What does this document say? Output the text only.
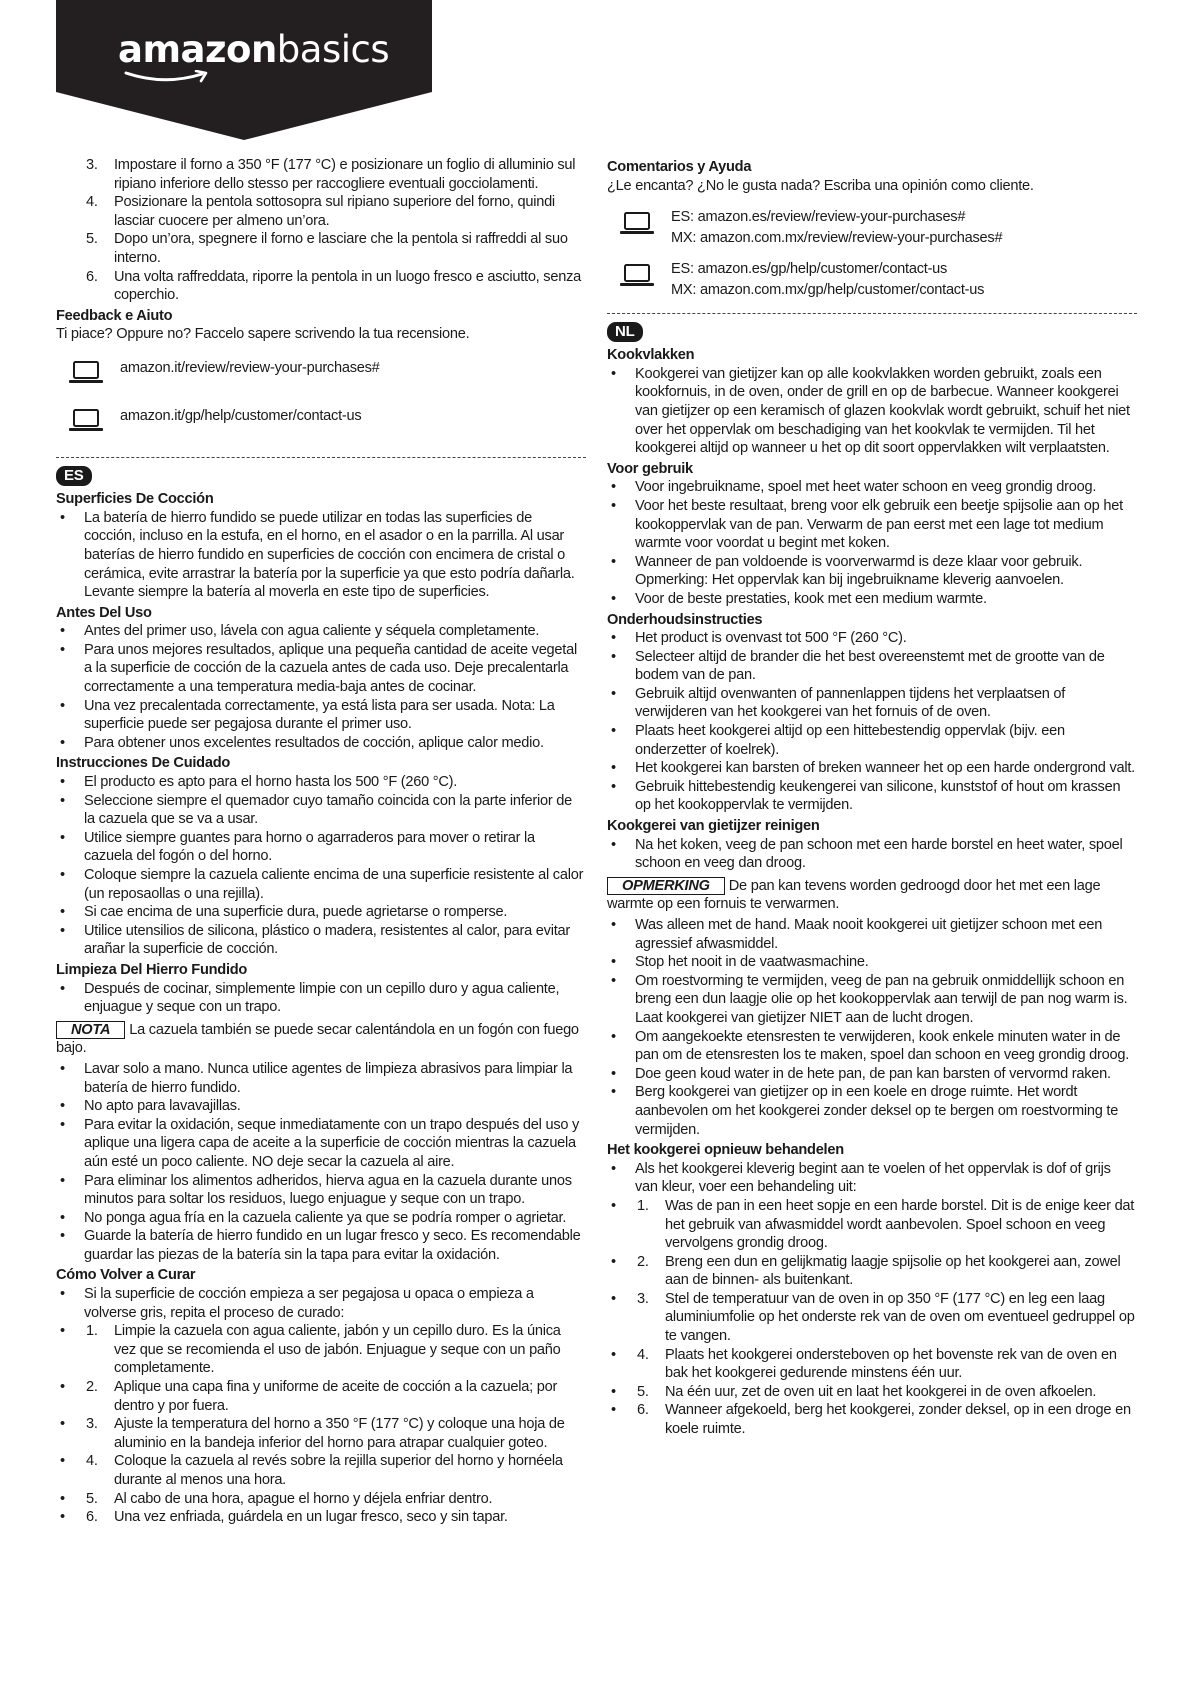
amazonbasics
3. Impostare il forno a 350 °F (177 °C) e posizionare un foglio di alluminio sul ripiano inferiore dello stesso per raccogliere eventuali gocciolamenti.
4. Posizionare la pentola sottosopra sul ripiano superiore del forno, quindi lasciar cuocere per almeno un’ora.
5. Dopo un’ora, spegnere il forno e lasciare che la pentola si raffreddi al suo interno.
6. Una volta raffreddata, riporre la pentola in un luogo fresco e asciutto, senza coperchio.
Feedback e Aiuto

Ti piace? Oppure no? Faccelo sapere scrivendo la tua recensione.

amazon.it/review/review-your-purchases#
amazon.it/gp/help/customer/contact-us
ES
Superficies De Cocción
• La batería de hierro fundido se puede utilizar en todas las superficies de cocción, incluso en la estufa, en el horno, en el asador o en la parrilla. Al usar baterías de hierro fundido en superficies de cocción con encimera de cristal o cerámica, evite arrastrar la batería por la superficie ya que esto podría dañarla. Levante siempre la batería al moverla en este tipo de superficies.
Antes Del Uso
• Antes del primer uso, lávela con agua caliente y séquela completamente.
• Para unos mejores resultados, aplique una pequeña cantidad de aceite vegetal a la superficie de cocción de la cazuela antes de cada uso. Deje precalentarla correctamente a una temperatura media-baja antes de cocinar.
• Una vez precalentada correctamente, ya está lista para ser usada. Nota: La superficie puede ser pegajosa durante el primer uso.
• Para obtener unos excelentes resultados de cocción, aplique calor medio.
Instrucciones De Cuidado
• El producto es apto para el horno hasta los 500 °F (260 °C).
• Seleccione siempre el quemador cuyo tamaño coincida con la parte inferior de la cazuela que se va a usar.
• Utilice siempre guantes para horno o agarraderos para mover o retirar la cazuela del fogón o del horno.
• Coloque siempre la cazuela caliente encima de una superficie resistente al calor (un reposaollas o una rejilla).
• Si cae encima de una superficie dura, puede agrietarse o romperse.
• Utilice utensilios de silicona, plástico o madera, resistentes al calor, para evitar arañar la superficie de cocción.
Limpieza Del Hierro Fundido
• Después de cocinar, simplemente limpie con un cepillo duro y agua caliente, enjuague y seque con un trapo.

NOTA La cazuela también se puede secar calentándola en un fogón con fuego bajo.

• Lavar solo a mano. Nunca utilice agentes de limpieza abrasivos para limpiar la batería de hierro fundido.
• No apto para lavavajillas.
• Para evitar la oxidación, seque inmediatamente con un trapo después del uso y aplique una ligera capa de aceite a la superficie de cocción mientras la cazuela aún esté un poco caliente. NO deje secar la cazuela al aire.
• Para eliminar los alimentos adheridos, hierva agua en la cazuela durante unos minutos para soltar los residuos, luego enjuague y seque con un trapo.
• No ponga agua fría en la cazuela caliente ya que se podría romper o agrietar.
• Guarde la batería de hierro fundido en un lugar fresco y seco. Es recomendable guardar las piezas de la batería sin la tapa para evitar la oxidación.
Cómo Volver a Curar
• Si la superficie de cocción empieza a ser pegajosa u opaca o empieza a volverse gris, repita el proceso de curado:
• 1. Limpie la cazuela con agua caliente, jabón y un cepillo duro. Es la única vez que se recomienda el uso de jabón. Enjuague y seque con un paño completamente.
• 2. Aplique una capa fina y uniforme de aceite de cocción a la cazuela; por dentro y por fuera.
• 3. Ajuste la temperatura del horno a 350 °F (177 °C) y coloque una hoja de aluminio en la bandeja inferior del horno para atrapar cualquier goteo.
• 4. Coloque la cazuela al revés sobre la rejilla superior del horno y hornéela durante al menos una hora.
• 5. Al cabo de una hora, apague el horno y déjela enfriar dentro.
• 6. Una vez enfriada, guárdela en un lugar fresco, seco y sin tapar.
Comentarios y Ayuda

¿Le encanta? ¿No le gusta nada? Escriba una opinión como cliente.

ES: amazon.es/review/review-your-purchases#
MX: amazon.com.mx/review/review-your-purchases#
ES: amazon.es/gp/help/customer/contact-us
MX: amazon.com.mx/gp/help/customer/contact-us
NL
Kookvlakken
• Kookgerei van gietijzer kan op alle kookvlakken worden gebruikt, zoals een kookfornuis, in de oven, onder de grill en op de barbecue. Wanneer kookgerei van gietijzer op een keramisch of glazen kookvlak wordt gebruikt, schuif het niet over het oppervlak om beschadiging van het kookvlak te vermijden. Til het kookgerei altijd op wanneer u het op dit soort oppervlakken wilt verplaatsten.
Voor gebruik
• Voor ingebruikname, spoel met heet water schoon en veeg grondig droog.
• Voor het beste resultaat, breng voor elk gebruik een beetje spijsolie aan op het kookoppervlak van de pan. Verwarm de pan eerst met een lage tot medium warmte voor voordat u begint met koken.
• Wanneer de pan voldoende is voorverwarmd is deze klaar voor gebruik. Opmerking: Het oppervlak kan bij ingebruikname kleverig aanvoelen.
• Voor de beste prestaties, kook met een medium warmte.
Onderhoudsinstructies
• Het product is ovenvast tot 500 °F (260 °C).
• Selecteer altijd de brander die het best overeenstemt met de grootte van de bodem van de pan.
• Gebruik altijd ovenwanten of pannenlappen tijdens het verplaatsen of verwijderen van het kookgerei van het fornuis of de oven.
• Plaats heet kookgerei altijd op een hittebestendig oppervlak (bijv. een onderzetter of koelrek).
• Het kookgerei kan barsten of breken wanneer het op een harde ondergrond valt.
• Gebruik hittebestendig keukengerei van silicone, kunststof of hout om krassen op het kookoppervlak te vermijden.
Kookgerei van gietijzer reinigen
• Na het koken, veeg de pan schoon met een harde borstel en heet water, spoel schoon en veeg dan droog.

OPMERKING De pan kan tevens worden gedroogd door het met een lage warmte op een fornuis te verwarmen.

• Was alleen met de hand. Maak nooit kookgerei uit gietijzer schoon met een agressief afwasmiddel.
• Stop het nooit in de vaatwasmachine.
• Om roestvorming te vermijden, veeg de pan na gebruik onmiddellijk schoon en breng een dun laagje olie op het kookoppervlak aan terwijl de pan nog warm is. Laat kookgerei van gietijzer NIET aan de lucht drogen.
• Om aangekoekte etensresten te verwijderen, kook enkele minuten water in de pan om de etensresten los te maken, spoel dan schoon en veeg grondig droog.
• Doe geen koud water in de hete pan, de pan kan barsten of vervormd raken.
• Berg kookgerei van gietijzer op in een koele en droge ruimte. Het wordt aanbevolen om het kookgerei zonder deksel op te bergen om roestvorming te vermijden.
Het kookgerei opnieuw behandelen
• Als het kookgerei kleverig begint aan te voelen of het oppervlak is dof of grijs van kleur, voer een behandeling uit:
• 1. Was de pan in een heet sopje en een harde borstel. Dit is de enige keer dat het gebruik van afwasmiddel wordt aanbevolen. Spoel schoon en veeg vervolgens grondig droog.
• 2. Breng een dun en gelijkmatig laagje spijsolie op het kookgerei aan, zowel aan de binnen- als buitenkant.
• 3. Stel de temperatuur van de oven in op 350 °F (177 °C) en leg een laag aluminiumfolie op het onderste rek van de oven om eventueel gedruppel op te vangen.
• 4. Plaats het kookgerei ondersteboven op het bovenste rek van de oven en bak het kookgerei gedurende minstens één uur.
• 5. Na één uur, zet de oven uit en laat het kookgerei in de oven afkoelen.
• 6. Wanneer afgekoeld, berg het kookgerei, zonder deksel, op in een droge en koele ruimte.
